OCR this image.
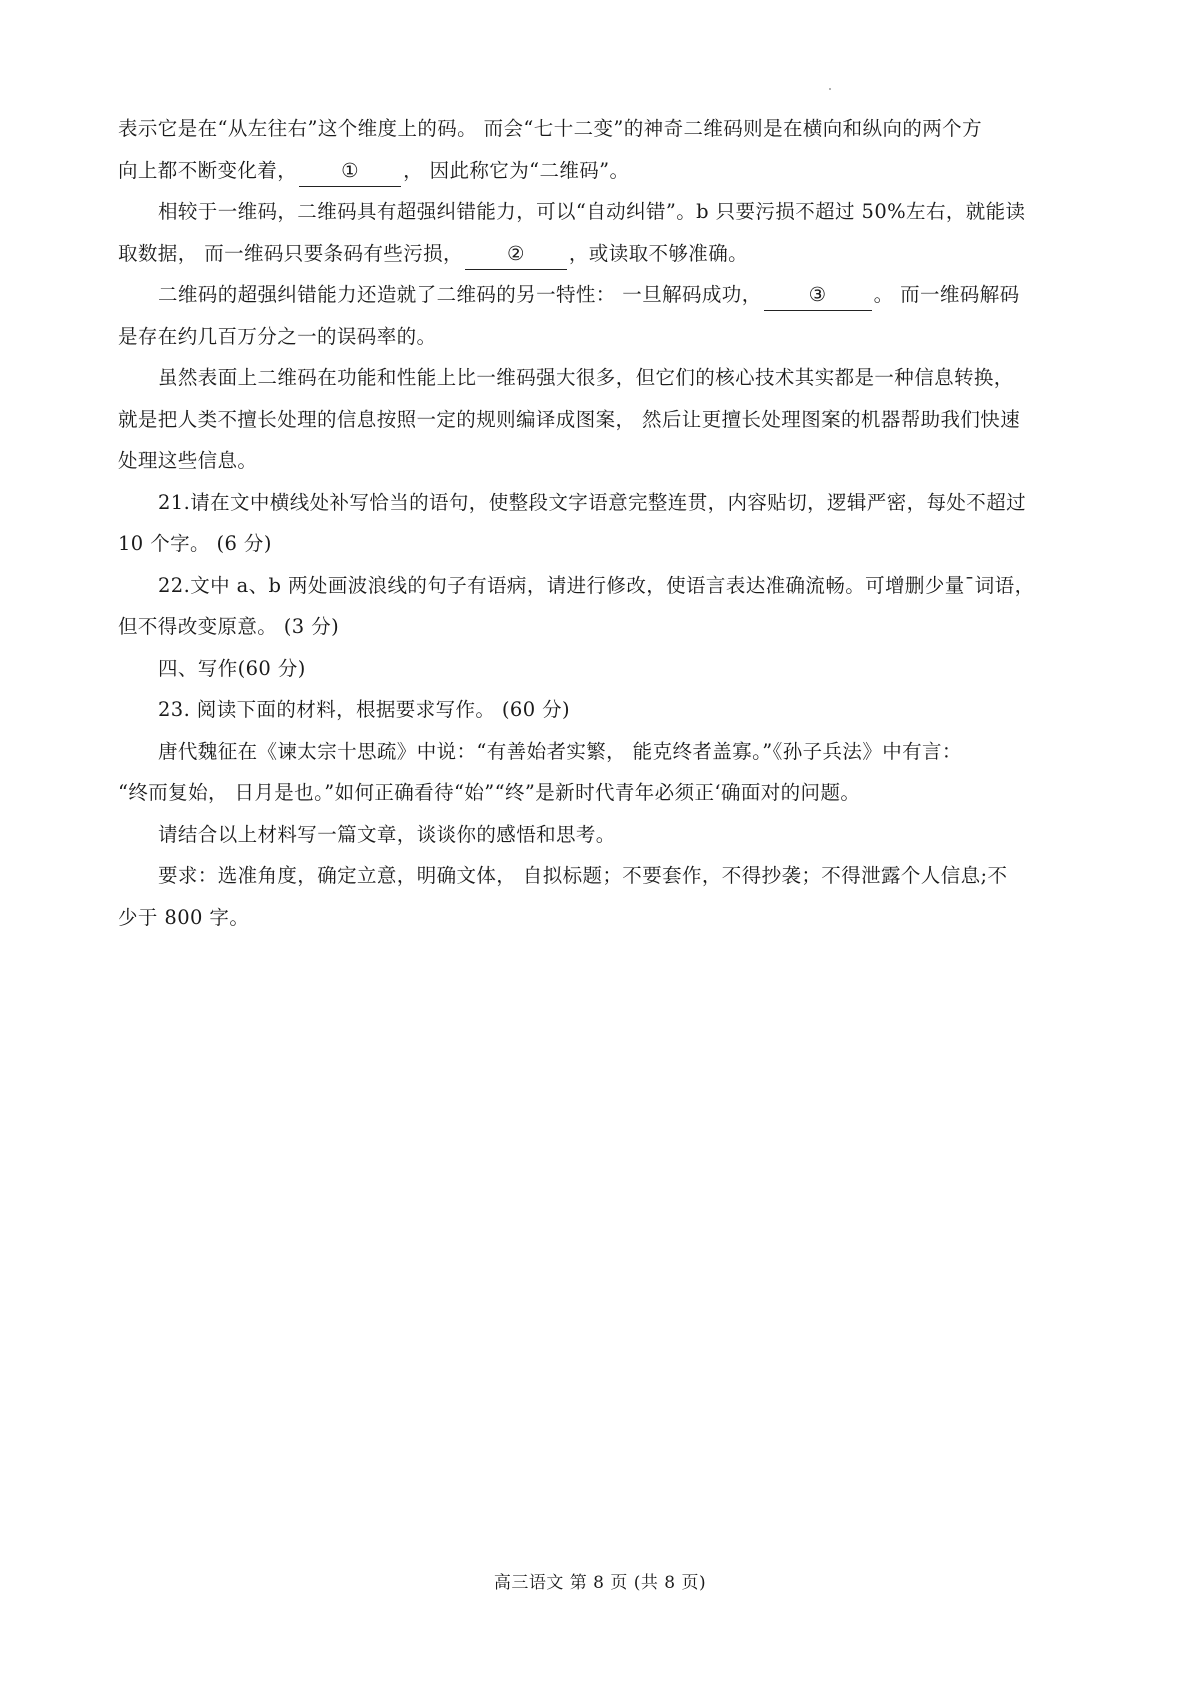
表示它是在“从左往右”这个维度上的码。 而会“七十二变”的神奇二维码则是在横向和纵向的两个方
向上都不断变化着， ① ， 因此称它为“二维码”。
相较于一维码，二维码具有超强纠错能力，可以“自动纠错”。b 只要污损不超过 50%左右，就能读
取数据， 而一维码只要条码有些污损， ② ，或读取不够准确。
二维码的超强纠错能力还造就了二维码的另一特性： 一旦解码成功， ③ 。 而一维码解码
是存在约几百万分之一的误码率的。
虽然表面上二维码在功能和性能上比一维码强大很多，但它们的核心技术其实都是一种信息转换，
就是把人类不擅长处理的信息按照一定的规则编译成图案， 然后让更擅长处理图案的机器帮助我们快速
处理这些信息。
21.请在文中横线处补写恰当的语句，使整段文字语意完整连贯，内容贴切，逻辑严密，每处不超过
10 个字。 (6 分)
22.文中 a、b 两处画波浪线的句子有语病，请进行修改，使语言表达准确流畅。可增删少量¯词语，
但不得改变原意。 (3 分)
四、写作(60 分)
23. 阅读下面的材料，根据要求写作。 (60 分)
唐代魏征在《谏太宗十思疏》中说：“有善始者实繁， 能克终者盖寡。”《孙子兵法》中有言：
“终而复始， 日月是也。”如何正确看待“始”“终”是新时代青年必须正‘确面对的问题。
请结合以上材料写一篇文章，谈谈你的感悟和思考。
要求：选准角度，确定立意，明确文体， 自拟标题；不要套作，不得抄袭；不得泄露个人信息;不
少于 800 字。
高三语文 第 8 页 (共 8 页)
